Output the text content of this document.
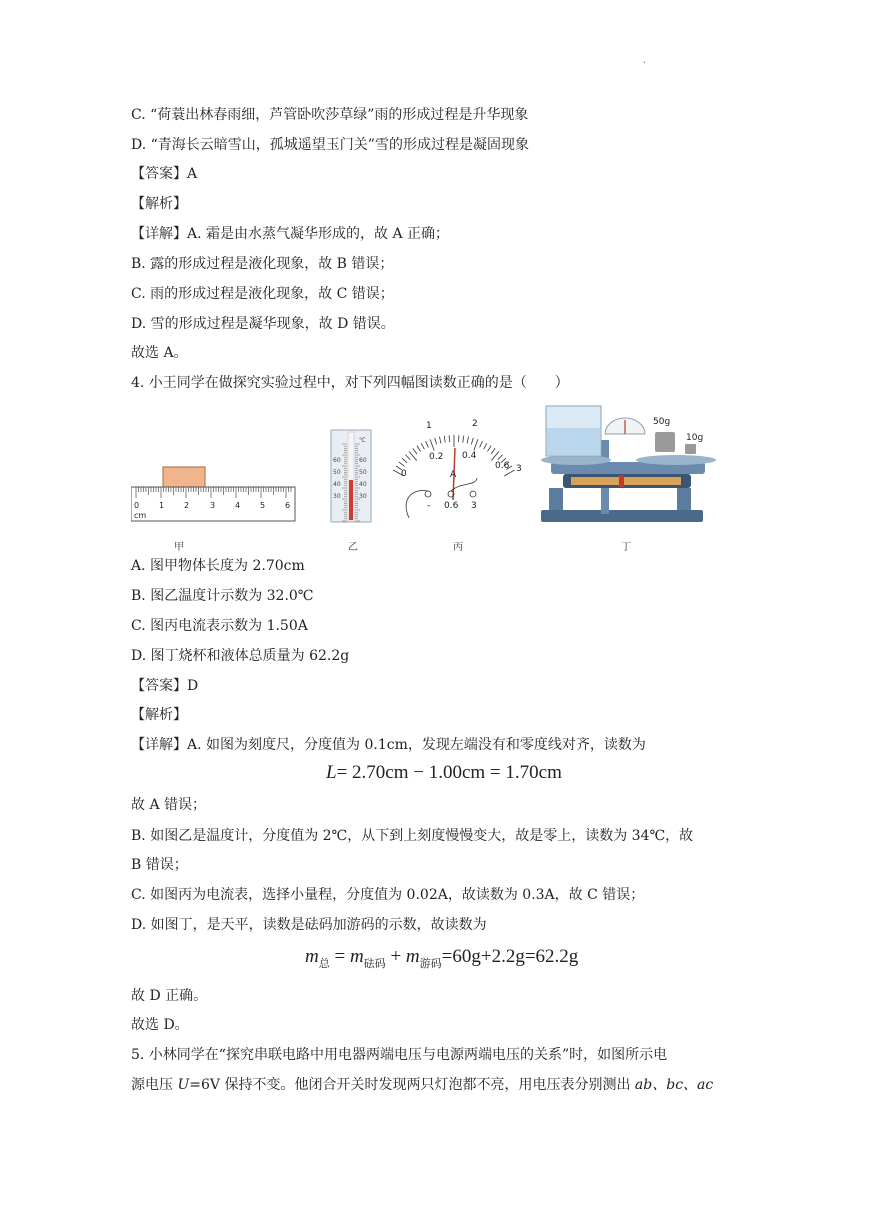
.
C. “荷蓑出林春雨细，芦管卧吹莎草绿”雨的形成过程是升华现象
D. “青海长云暗雪山，孤城遥望玉门关”雪的形成过程是凝固现象
【答案】A
【解析】
【详解】A. 霜是由水蒸气凝华形成的，故 A 正确；
B. 露的形成过程是液化现象，故 B 错误；
C. 雨的形成过程是液化现象，故 C 错误；
D. 雪的形成过程是凝华现象，故 D 错误。
故选 A。
4. 小王同学在做探究实验过程中，对下列四幅图读数正确的是（　　）
0 1 2	3 4 5 6
cm
℃
60
50
40
30
60
50
40
30
1	2
3
0
0.2 0.4
0.6
A
- 0.6 3
50g
10g
甲	乙	丙	丁
A. 图甲物体长度为 2.70cm
B. 图乙温度计示数为 32.0℃
C. 图丙电流表示数为 1.50A
D. 图丁烧杯和液体总质量为 62.2g
【答案】D
【解析】
【详解】A. 如图为刻度尺，分度值为 0.1cm，发现左端没有和零度线对齐，读数为
L= 2.70cm − 1.00cm = 1.70cm
故 A 错误；
B. 如图乙是温度计，分度值为 2℃，从下到上刻度慢慢变大，故是零上，读数为 34℃，故
B 错误；
C. 如图丙为电流表，选择小量程，分度值为 0.02A，故读数为 0.3A，故 C 错误；
D. 如图丁，是天平，读数是砝码加游码的示数，故读数为
$m_总 = m_{砝码} + m_{游码}=60g+2.2g=62.2g$
故 D 正确。
故选 D。
5. 小林同学在“探究串联电路中用电器两端电压与电源两端电压的关系”时，如图所示电
源电压 U=6V 保持不变。他闭合开关时发现两只灯泡都不亮，用电压表分别测出 ab、bc、ac
